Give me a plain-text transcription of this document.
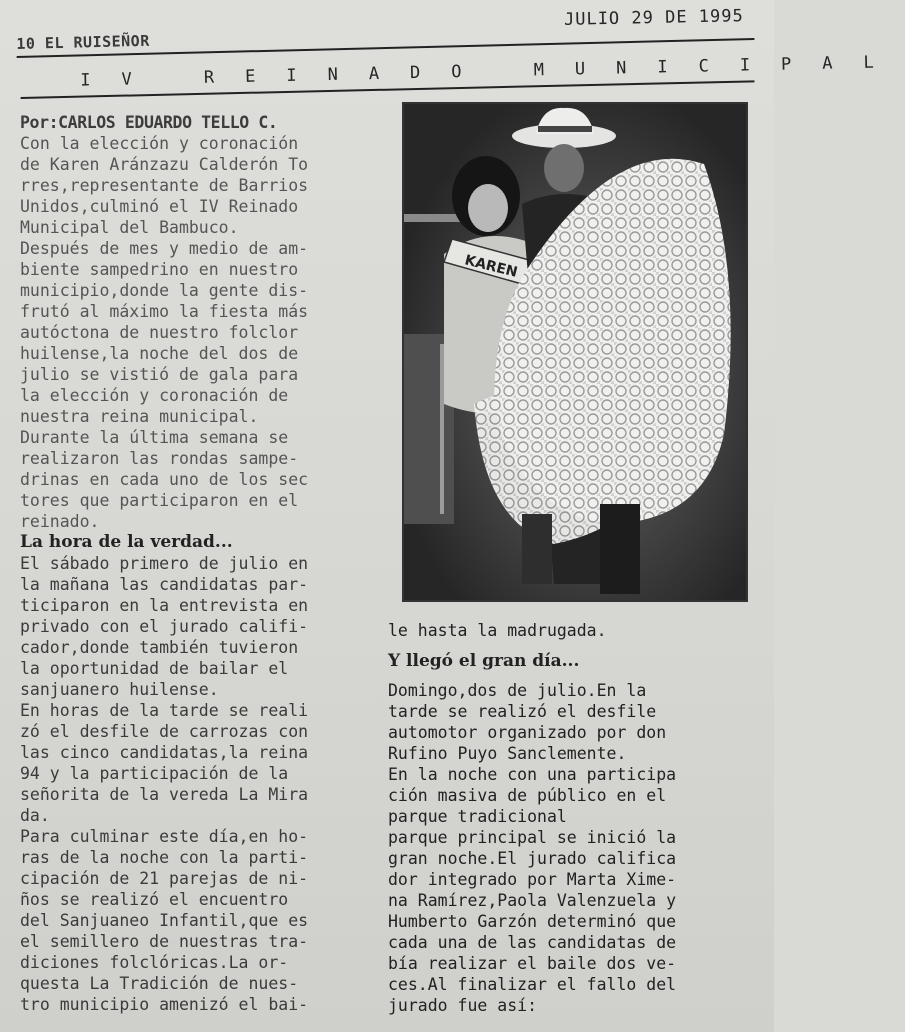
JULIO 29 DE 1995
10 EL RUISEÑOR
IV REINADO MUNICIPAL

Por:CARLOS EDUARDO TELLO C.

Con la elección y coronación

de Karen Aránzazu Calderón To

rres,representante de Barrios

Unidos,culminó el IV Reinado

Municipal del Bambuco.

Después de mes y medio de am-

biente sampedrino en nuestro

municipio,donde la gente dis-

frutó al máximo la fiesta más

autóctona de nuestro folclor

huilense,la noche del dos de

julio se vistió de gala para

la elección y coronación de

nuestra reina municipal.

Durante la última semana se

realizaron las rondas sampe-

drinas en cada uno de los sec

tores que participaron en el

reinado.

La hora de la verdad...

El sábado primero de julio en

la mañana las candidatas par-

ticiparon en la entrevista en

privado con el jurado califi-

cador,donde también tuvieron

la oportunidad de bailar el

sanjuanero huilense.

En horas de la tarde se reali

zó el desfile de carrozas con

las cinco candidatas,la reina

94 y la participación de la

señorita de la vereda La Mira

da.

Para culminar este día,en ho-

ras de la noche con la parti-

cipación de 21 parejas de ni-

ños se realizó el encuentro

del Sanjuaneo Infantil,que es

el semillero de nuestras tra-

diciones folclóricas.La or-

questa La Tradición de nues-

tro municipio amenizó el bai-

KAREN

le hasta la madrugada.

Y llegó el gran día...

Domingo,dos de julio.En la

tarde se realizó el desfile

automotor organizado por don

Rufino Puyo Sanclemente.

En la noche con una participa

ción masiva de público en el

parque tradicional

parque principal se inició la

gran noche.El jurado califica

dor integrado por Marta Xime-

na Ramírez,Paola Valenzuela y

Humberto Garzón determinó que

cada una de las candidatas de

bía realizar el baile dos ve-

ces.Al finalizar el fallo del

jurado fue así:
